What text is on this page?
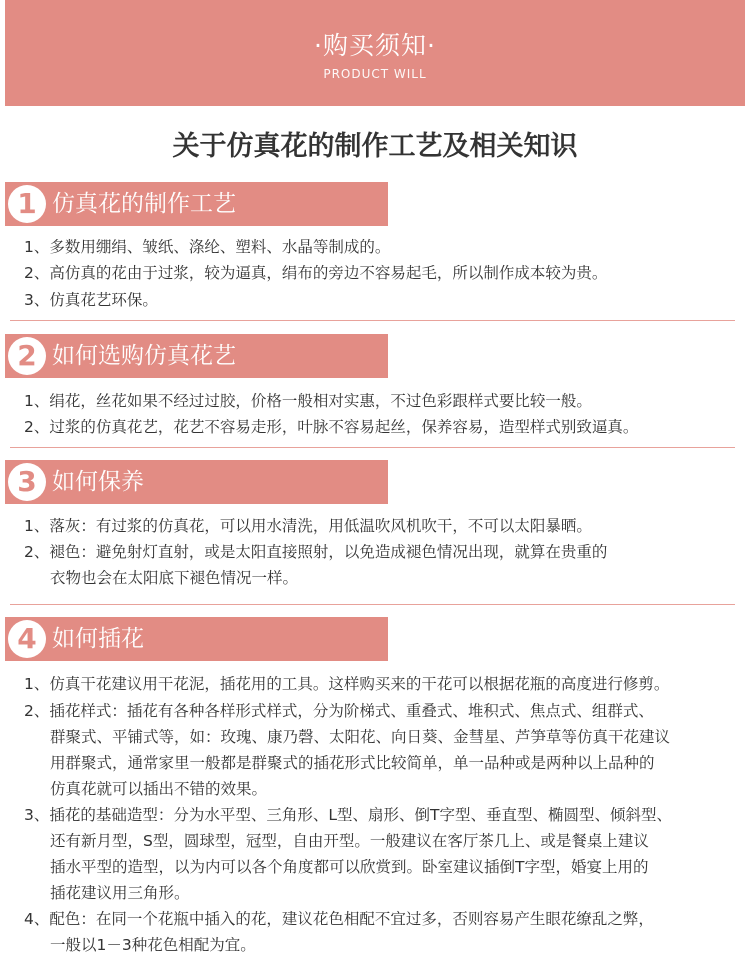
·购买须知·
PRODUCT WILL
关于仿真花的制作工艺及相关知识
1 仿真花的制作工艺
1、多数用绷绢、皱纸、涤纶、塑料、水晶等制成的。
2、高仿真的花由于过浆，较为逼真，绢布的旁边不容易起毛，所以制作成本较为贵。
3、仿真花艺环保。
2 如何选购仿真花艺
1、绢花，丝花如果不经过过胶，价格一般相对实惠，不过色彩跟样式要比较一般。
2、过浆的仿真花艺，花艺不容易走形，叶脉不容易起丝，保养容易，造型样式别致逼真。
3 如何保养
1、落灰：有过浆的仿真花，可以用水清洗，用低温吹风机吹干，不可以太阳暴晒。
2、褪色：避免射灯直射，或是太阳直接照射，以免造成褪色情况出现，就算在贵重的
衣物也会在太阳底下褪色情况一样。
4 如何插花
1、仿真干花建议用干花泥，插花用的工具。这样购买来的干花可以根据花瓶的高度进行修剪。
2、插花样式：插花有各种各样形式样式，分为阶梯式、重叠式、堆积式、焦点式、组群式、
群聚式、平铺式等，如：玫瑰、康乃磬、太阳花、向日葵、金彗星、芦笋草等仿真干花建议
用群聚式，通常家里一般都是群聚式的插花形式比较简单，单一品种或是两种以上品种的
仿真花就可以插出不错的效果。
3、插花的基础造型：分为水平型、三角形、L型、扇形、倒T字型、垂直型、椭圆型、倾斜型、
还有新月型，S型，圆球型，冠型，自由开型。一般建议在客厅茶几上、或是餐桌上建议
插水平型的造型，以为内可以各个角度都可以欣赏到。卧室建议插倒T字型，婚宴上用的
插花建议用三角形。
4、配色：在同一个花瓶中插入的花，建议花色相配不宜过多，否则容易产生眼花缭乱之弊，
一般以1－3种花色相配为宜。
